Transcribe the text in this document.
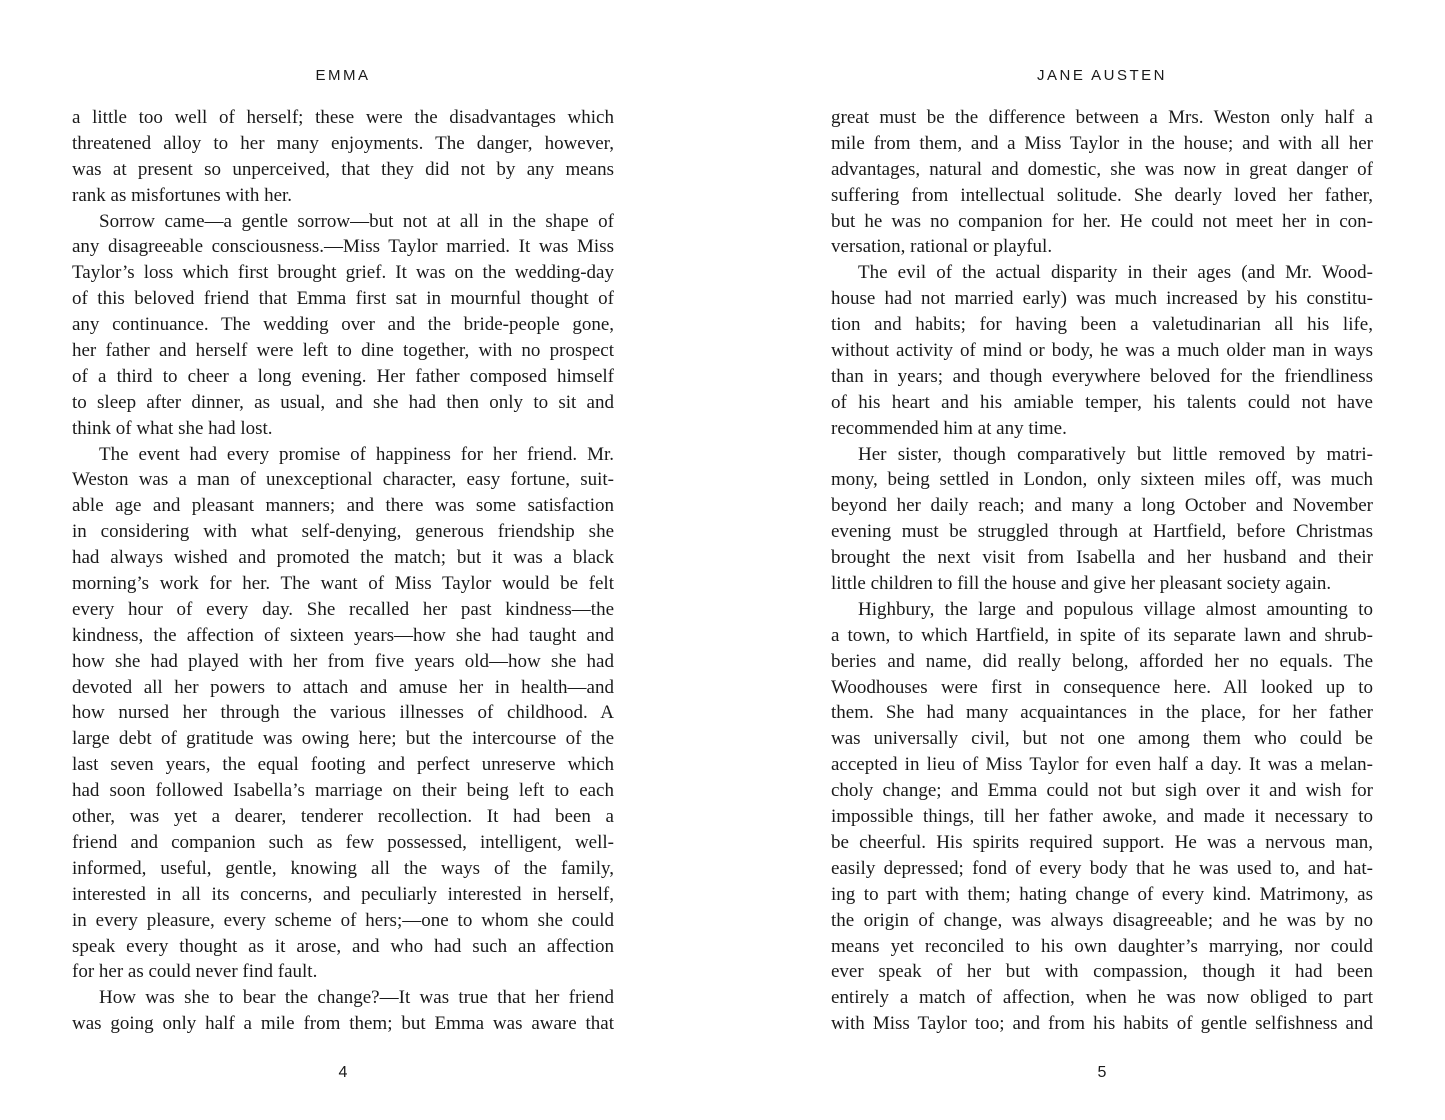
EMMA
a little too well of herself; these were the disadvantages which
threatened alloy to her many enjoyments. The danger, however,
was at present so unperceived, that they did not by any means
rank as misfortunes with her.
Sorrow came—a gentle sorrow—but not at all in the shape of
any disagreeable consciousness.—Miss Taylor married. It was Miss
Taylor’s loss which first brought grief. It was on the wedding-day
of this beloved friend that Emma first sat in mournful thought of
any continuance. The wedding over and the bride-people gone,
her father and herself were left to dine together, with no prospect
of a third to cheer a long evening. Her father composed himself
to sleep after dinner, as usual, and she had then only to sit and
think of what she had lost.
The event had every promise of happiness for her friend. Mr.
Weston was a man of unexceptional character, easy fortune, suit-
able age and pleasant manners; and there was some satisfaction
in considering with what self-denying, generous friendship she
had always wished and promoted the match; but it was a black
morning’s work for her. The want of Miss Taylor would be felt
every hour of every day. She recalled her past kindness—the
kindness, the affection of sixteen years—how she had taught and
how she had played with her from five years old—how she had
devoted all her powers to attach and amuse her in health—and
how nursed her through the various illnesses of childhood. A
large debt of gratitude was owing here; but the intercourse of the
last seven years, the equal footing and perfect unreserve which
had soon followed Isabella’s marriage on their being left to each
other, was yet a dearer, tenderer recollection. It had been a
friend and companion such as few possessed, intelligent, well-
informed, useful, gentle, knowing all the ways of the family,
interested in all its concerns, and peculiarly interested in herself,
in every pleasure, every scheme of hers;—one to whom she could
speak every thought as it arose, and who had such an affection
for her as could never find fault.
How was she to bear the change?—It was true that her friend
was going only half a mile from them; but Emma was aware that
4
JANE AUSTEN
great must be the difference between a Mrs. Weston only half a
mile from them, and a Miss Taylor in the house; and with all her
advantages, natural and domestic, she was now in great danger of
suffering from intellectual solitude. She dearly loved her father,
but he was no companion for her. He could not meet her in con-
versation, rational or playful.
The evil of the actual disparity in their ages (and Mr. Wood-
house had not married early) was much increased by his constitu-
tion and habits; for having been a valetudinarian all his life,
without activity of mind or body, he was a much older man in ways
than in years; and though everywhere beloved for the friendliness
of his heart and his amiable temper, his talents could not have
recommended him at any time.
Her sister, though comparatively but little removed by matri-
mony, being settled in London, only sixteen miles off, was much
beyond her daily reach; and many a long October and November
evening must be struggled through at Hartfield, before Christmas
brought the next visit from Isabella and her husband and their
little children to fill the house and give her pleasant society again.
Highbury, the large and populous village almost amounting to
a town, to which Hartfield, in spite of its separate lawn and shrub-
beries and name, did really belong, afforded her no equals. The
Woodhouses were first in consequence here. All looked up to
them. She had many acquaintances in the place, for her father
was universally civil, but not one among them who could be
accepted in lieu of Miss Taylor for even half a day. It was a melan-
choly change; and Emma could not but sigh over it and wish for
impossible things, till her father awoke, and made it necessary to
be cheerful. His spirits required support. He was a nervous man,
easily depressed; fond of every body that he was used to, and hat-
ing to part with them; hating change of every kind. Matrimony, as
the origin of change, was always disagreeable; and he was by no
means yet reconciled to his own daughter’s marrying, nor could
ever speak of her but with compassion, though it had been
entirely a match of affection, when he was now obliged to part
with Miss Taylor too; and from his habits of gentle selfishness and
5
